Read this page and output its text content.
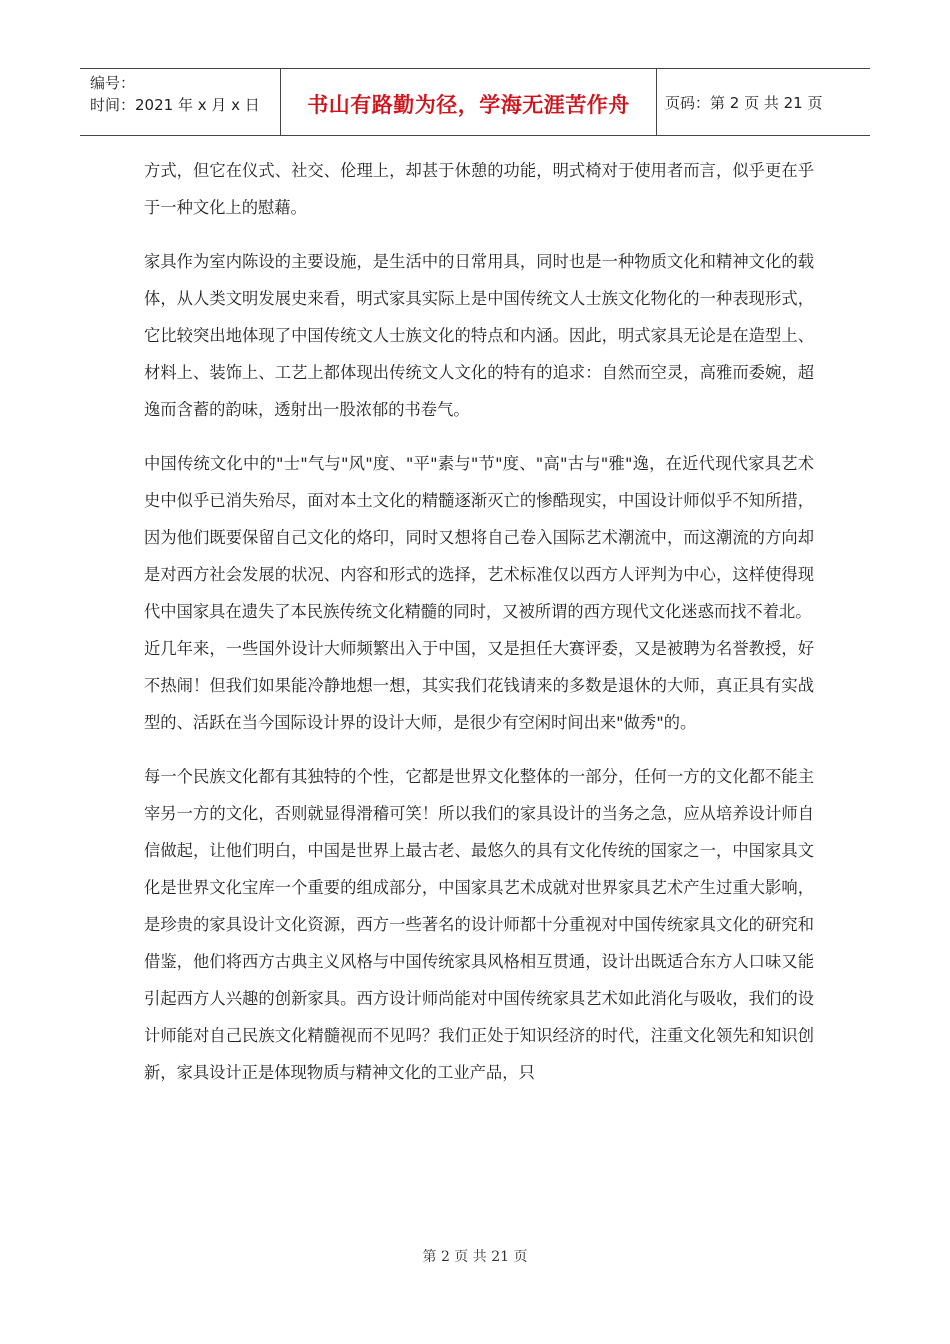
编号：
时间：2021 年 x 月 x 日	书山有路勤为径，学海无涯苦作舟	页码：第 2 页 共 21 页

方式，但它在仪式、社交、伦理上，却甚于休憩的功能，明式椅对于使用者而言，似乎更在乎于一种文化上的慰藉。

家具作为室内陈设的主要设施，是生活中的日常用具，同时也是一种物质文化和精神文化的载体，从人类文明发展史来看，明式家具实际上是中国传统文人士族文化物化的一种表现形式，它比较突出地体现了中国传统文人士族文化的特点和内涵。因此，明式家具无论是在造型上、材料上、装饰上、工艺上都体现出传统文人文化的特有的追求：自然而空灵，高雅而委婉，超逸而含蓄的韵味，透射出一股浓郁的书卷气。

中国传统文化中的"士"气与"风"度、"平"素与"节"度、"高"古与"雅"逸，在近代现代家具艺术史中似乎已消失殆尽，面对本土文化的精髓逐渐灭亡的惨酷现实，中国设计师似乎不知所措，因为他们既要保留自己文化的烙印，同时又想将自己卷入国际艺术潮流中，而这潮流的方向却是对西方社会发展的状况、内容和形式的选择，艺术标准仅以西方人评判为中心，这样使得现代中国家具在遗失了本民族传统文化精髓的同时，又被所谓的西方现代文化迷惑而找不着北。

近几年来，一些国外设计大师频繁出入于中国，又是担任大赛评委，又是被聘为名誉教授，好不热闹！但我们如果能冷静地想一想，其实我们花钱请来的多数是退休的大师，真正具有实战型的、活跃在当今国际设计界的设计大师，是很少有空闲时间出来"做秀"的。

每一个民族文化都有其独特的个性，它都是世界文化整体的一部分，任何一方的文化都不能主宰另一方的文化，否则就显得滑稽可笑！所以我们的家具设计的当务之急，应从培养设计师自信做起，让他们明白，中国是世界上最古老、最悠久的具有文化传统的国家之一，中国家具文化是世界文化宝库一个重要的组成部分，中国家具艺术成就对世界家具艺术产生过重大影响，是珍贵的家具设计文化资源，西方一些著名的设计师都十分重视对中国传统家具文化的研究和借鉴，他们将西方古典主义风格与中国传统家具风格相互贯通，设计出既适合东方人口味又能引起西方人兴趣的创新家具。西方设计师尚能对中国传统家具艺术如此消化与吸收，我们的设计师能对自己民族文化精髓视而不见吗？我们正处于知识经济的时代，注重文化领先和知识创新，家具设计正是体现物质与精神文化的工业产品，只

第 2 页 共 21 页
